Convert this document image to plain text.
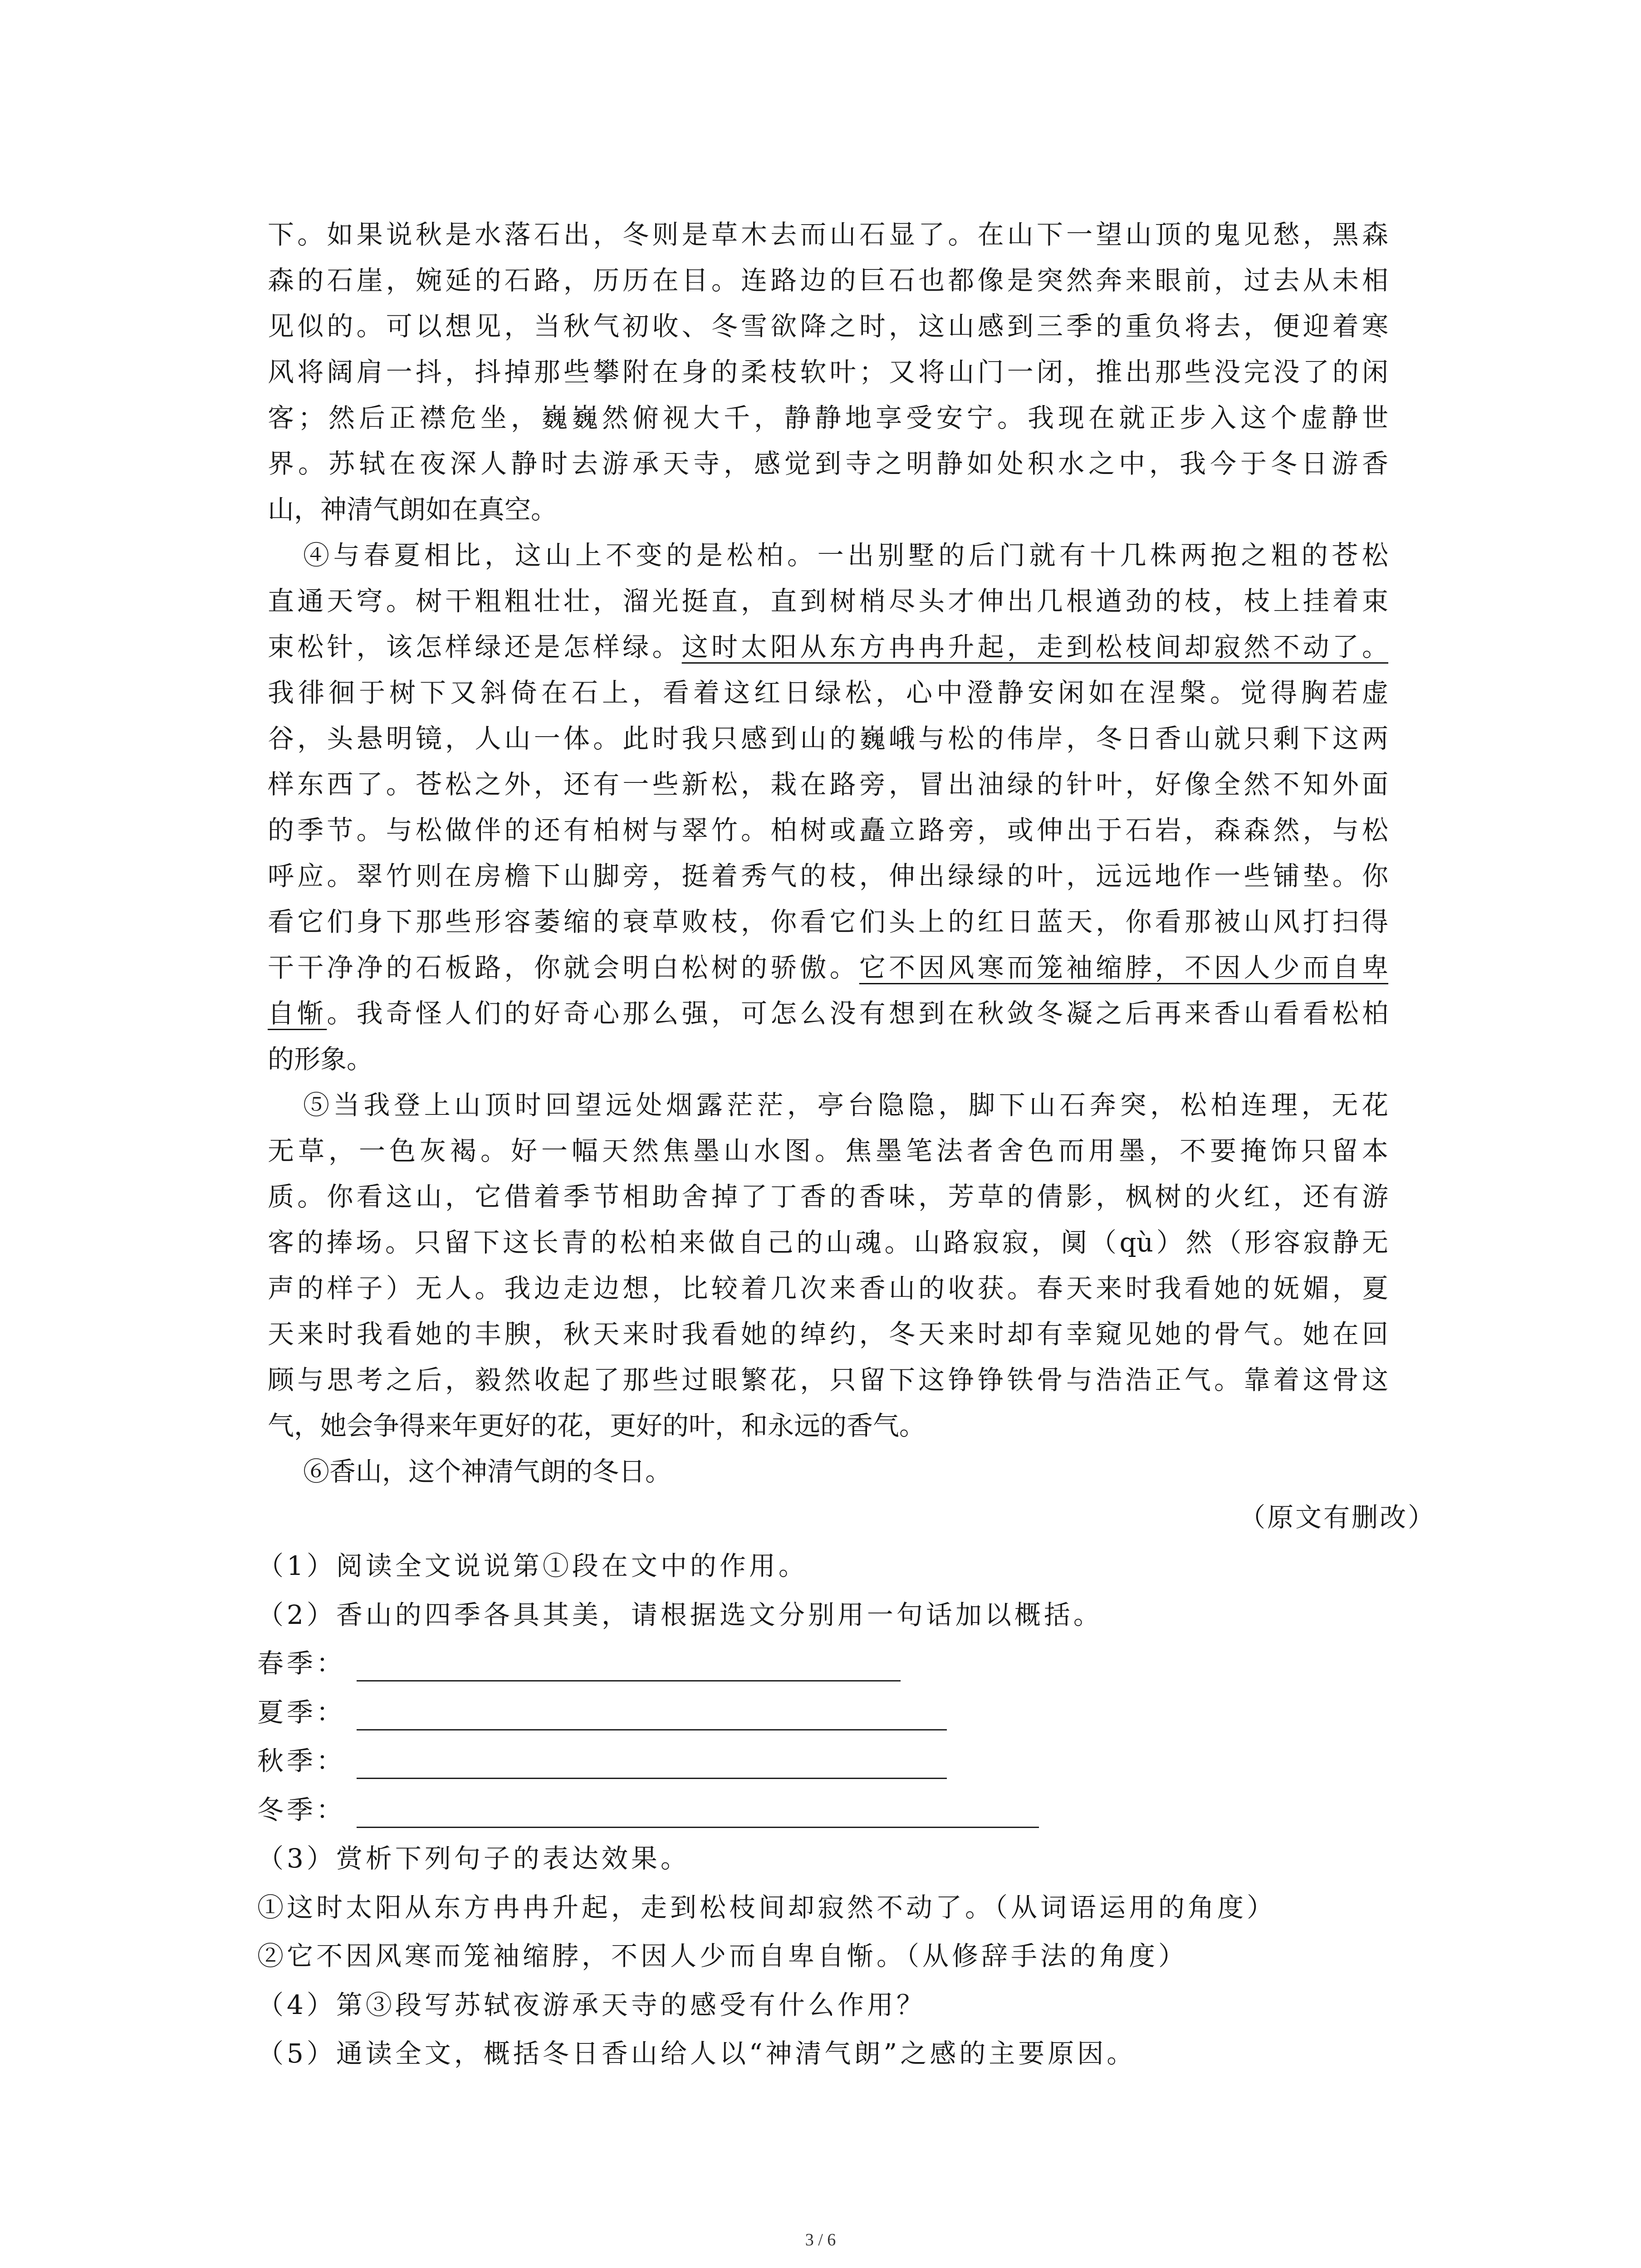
下。如果说秋是水落石出，冬则是草木去而山石显了。在山下一望山顶的鬼见愁，黑森
森的石崖，婉延的石路，历历在目。连路边的巨石也都像是突然奔来眼前，过去从未相
见似的。可以想见，当秋气初收、冬雪欲降之时，这山感到三季的重负将去，便迎着寒
风将阔肩一抖，抖掉那些攀附在身的柔枝软叶；又将山门一闭，推出那些没完没了的闲
客；然后正襟危坐，巍巍然俯视大千，静静地享受安宁。我现在就正步入这个虚静世
界。苏轼在夜深人静时去游承天寺，感觉到寺之明静如处积水之中，我今于冬日游香
山，神清气朗如在真空。
④与春夏相比，这山上不变的是松柏。一出别墅的后门就有十几株两抱之粗的苍松
直通天穹。树干粗粗壮壮，溜光挺直，直到树梢尽头才伸出几根遒劲的枝，枝上挂着束
束松针，该怎样绿还是怎样绿。这时太阳从东方冉冉升起，走到松枝间却寂然不动了。
我徘徊于树下又斜倚在石上，看着这红日绿松，心中澄静安闲如在涅槃。觉得胸若虚
谷，头悬明镜，人山一体。此时我只感到山的巍峨与松的伟岸，冬日香山就只剩下这两
样东西了。苍松之外，还有一些新松，栽在路旁，冒出油绿的针叶，好像全然不知外面
的季节。与松做伴的还有柏树与翠竹。柏树或矗立路旁，或伸出于石岩，森森然，与松
呼应。翠竹则在房檐下山脚旁，挺着秀气的枝，伸出绿绿的叶，远远地作一些铺垫。你
看它们身下那些形容萎缩的衰草败枝，你看它们头上的红日蓝天，你看那被山风打扫得
干干净净的石板路，你就会明白松树的骄傲。它不因风寒而笼袖缩脖，不因人少而自卑
自惭。我奇怪人们的好奇心那么强，可怎么没有想到在秋敛冬凝之后再来香山看看松柏
的形象。
⑤当我登上山顶时回望远处烟露茫茫，亭台隐隐，脚下山石奔突，松柏连理，无花
无草，一色灰褐。好一幅天然焦墨山水图。焦墨笔法者舍色而用墨，不要掩饰只留本
质。你看这山，它借着季节相助舍掉了丁香的香味，芳草的倩影，枫树的火红，还有游
客的捧场。只留下这长青的松柏来做自己的山魂。山路寂寂，阒（qù）然（形容寂静无
声的样子）无人。我边走边想，比较着几次来香山的收获。春天来时我看她的妩媚，夏
天来时我看她的丰腴，秋天来时我看她的绰约，冬天来时却有幸窥见她的骨气。她在回
顾与思考之后，毅然收起了那些过眼繁花，只留下这铮铮铁骨与浩浩正气。靠着这骨这
气，她会争得来年更好的花，更好的叶，和永远的香气。
⑥香山，这个神清气朗的冬日。
（原文有删改）
（1）阅读全文说说第①段在文中的作用。
（2）香山的四季各具其美，请根据选文分别用一句话加以概括。
春季：
夏季：
秋季：
冬季：
（3）赏析下列句子的表达效果。
①这时太阳从东方冉冉升起，走到松枝间却寂然不动了。（从词语运用的角度）
②它不因风寒而笼袖缩脖，不因人少而自卑自惭。（从修辞手法的角度）
（4）第③段写苏轼夜游承天寺的感受有什么作用？
（5）通读全文，概括冬日香山给人以“神清气朗”之感的主要原因。
3 / 6
